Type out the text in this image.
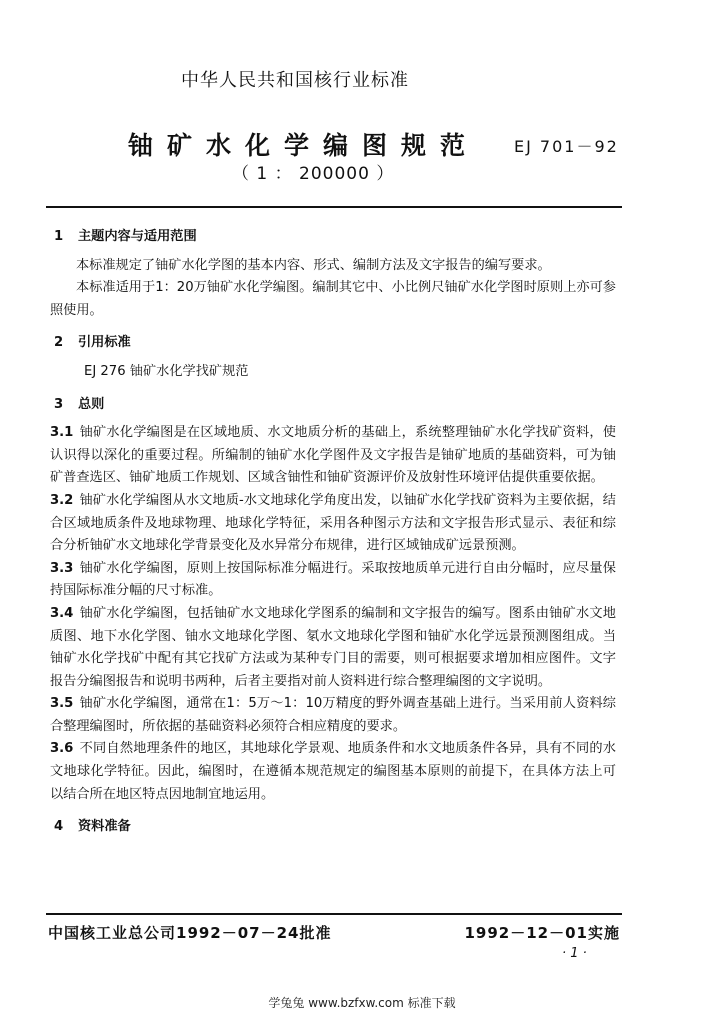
中华人民共和国核行业标准
铀矿水化学编图规范 EJ 701－92
（ 1 ： 200000 ）
1 主题内容与适用范围

本标准规定了铀矿水化学图的基本内容、形式、编制方法及文字报告的编写要求。

本标准适用于1：20万铀矿水化学编图。编制其它中、小比例尺铀矿水化学图时原则上亦可参照使用。

2 引用标准

EJ 276 铀矿水化学找矿规范

3 总则

3.1 铀矿水化学编图是在区域地质、水文地质分析的基础上，系统整理铀矿水化学找矿资料，使认识得以深化的重要过程。所编制的铀矿水化学图件及文字报告是铀矿地质的基础资料，可为铀矿普查选区、铀矿地质工作规划、区域含铀性和铀矿资源评价及放射性环境评估提供重要依据。

3.2 铀矿水化学编图从水文地质-水文地球化学角度出发，以铀矿水化学找矿资料为主要依据，结合区域地质条件及地球物理、地球化学特征，采用各种图示方法和文字报告形式显示、表征和综合分析铀矿水文地球化学背景变化及水异常分布规律，进行区域铀成矿远景预测。

3.3 铀矿水化学编图，原则上按国际标准分幅进行。采取按地质单元进行自由分幅时，应尽量保持国际标准分幅的尺寸标准。

3.4 铀矿水化学编图，包括铀矿水文地球化学图系的编制和文字报告的编写。图系由铀矿水文地质图、地下水化学图、铀水文地球化学图、氡水文地球化学图和铀矿水化学远景预测图组成。当铀矿水化学找矿中配有其它找矿方法或为某种专门目的需要，则可根据要求增加相应图件。文字报告分编图报告和说明书两种，后者主要指对前人资料进行综合整理编图的文字说明。

3.5 铀矿水化学编图，通常在1：5万～1：10万精度的野外调查基础上进行。当采用前人资料综合整理编图时，所依据的基础资料必须符合相应精度的要求。

3.6 不同自然地理条件的地区，其地球化学景观、地质条件和水文地质条件各异，具有不同的水文地球化学特征。因此，编图时，在遵循本规范规定的编图基本原则的前提下，在具体方法上可以结合所在地区特点因地制宜地运用。

4 资料准备
中国核工业总公司1992－07－24批准	1992－12－01实施
· 1 ·
学兔兔 www.bzfxw.com 标准下载
